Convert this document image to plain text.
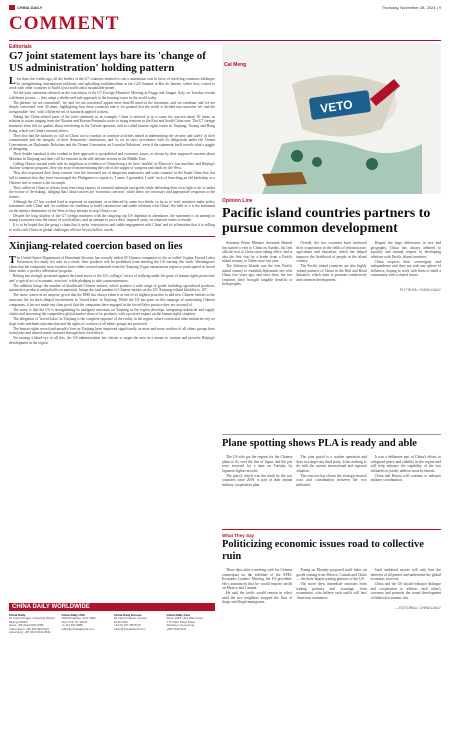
CHINA DAILY	Thursday, November 28, 2024 | 9
COMMENT
Editorials
G7 joint statement lays bare its 'change of US administration' holding pattern
L ess than five weeks ago, all the leaders of the G7 countries seemed to cast a unanimous vote in favor of resolving common challenges by strengthening international solidarity and upholding multilateralism at the G20 Summit in Rio de Janeiro, where they vowed to work with other countries to 'build a just world and a sustainable planet'.

Yet the joint statement released on the conclusion of the G7 Foreign Ministers' Meeting in Fiuggi and Anagni, Italy, on Tuesday reveals a different picture — they adopt a divide-and-rule approach to the burning issues in the world today.

The phrases 'we are committed', 'we' and 'we are concerned' appear more than 80 times in the document, and 'we condemn' and 'we are deeply concerned' over 30 times, highlighting how these countries take it for granted that the world is divided into innocent 'we' and the irresponsible 'rest', with a different set of standards applied to them.

Taking the China-related parts of the joint statement as an example, China is referred to as a cause for concern about 30 times, in relation to issues ranging from the Ukraine and Korean Peninsula crises to rising tensions in the East and South China seas. The G7 foreign ministers even felt no qualms about interfering in the Taiwan question, and so-called human rights issues in Xinjiang, Xizang and Hong Kong, which are China's internal affairs.

They also had the audacity to call on China 'not to conduct or condone activities aimed at undermining the security and safety' of their communities and the integrity of their 'democratic' institutions, and 'to act in strict accordance with its obligations under the Vienna Conventions on Diplomatic Relations and the Vienna Convention on Consular Relations', even if the statement itself reveals what a gaggle of designing.

Their double standard is also evident in their approach to geopolitical and economic issues, as shown by their supposed concerns about Muslims in Xinjiang and their call for restraint in the self-defense actions in the Middle East.

Calling China's normal trade with its neighbors as evidence of China being a de facto 'enabler' of Moscow's 'war machine' and Beijing's 'nuclear weapons program', they shy away from mentioning the role of the supply of weapons and funds by the West.

They also expressed their 'deep concern' over the increased use of dangerous maneuvers and water cannons' in the South China Sea, but fail to mention that they have encouraged the Philippines to repeat its 'I came, I grounded, I stole' trick of breaching an old battleship as a Chinese reef to ensure a fait accompli.

They called on China to refrain from restricting exports of essential materials and goods while defending their own right to do so under the excuse of 'de-risking', alleging that China's moves are 'economic coercion', while theirs are 'necessary and appropriate' responses to the former.

Although the G7 has worked hard to represent its statement, as evidenced by some two-thirds, so far as to 'west' ministers make policy statements with China' and 'we reaffirm our readiness to build constructive and stable relations with China', the bulk of it is the statement on the distinct dominance of the West as they attempt to stop China's rise.

Despite the long shadow of the G7 foreign ministers with the outgoing top US diplomat in attendance, the statement is an attempt to stamp a narrative onto the future of world affairs, and an attempt to prove their 'inspired' unity, on whatever terms it reveals.

It is to be hoped that the group's claim that it seeks 'constructive and stable engagement with China' and its affirmation that it is willing to work with China on global challenges will not be just hollow words.

Xinjiang-related coercion based on lies
T he United States Department of Homeland Security has recently added 29 Chinese companies to the so-called Uyghur Forced Labor Prevention Act entity list and, as a result, their products will be prohibited from entering the US starting this week. Washington's claim that the companies were found to have either sourced materials from the Xinjiang Uygur autonomous region or participated in forced labor under a 'poverty alleviation' program.

Beijing has strongly protested against the latest move of the US, calling it 'an act of bullying under the guise of human rights protection' and 'a typical act of economic coercion', while pledging to take countermeasures.

The addition brings the number of blacklisted Chinese entities, which produce a wide range of goods including agricultural products, automotive products and polysilicon materials, brings the total number of Chinese entities on the US' Xinjiang-related blacklist to 107.

The move comes as no surprise, given that the DHS has always taken it as one of its highest priorities to add new Chinese entities to the sanctions list for their alleged involvement in 'forced labor' in Xinjiang. While the US has gone on this rampage of sanctioning Chinese companies, it has not made any clear proof that the companies have engaged in the forced labor practice they are accused of.

The irony is that the US is strengthening its maligned sanctions on Xinjiang as the region develops, integrating industrial and supply chains and increasing the competitive global market share of its products, with a positive impact on the human rights situation.

The allegation of 'forced labor' in Xinjiang is the complete opposite of the reality in the region, where cotton and other industries rely on large-scale mechanical production and the rights of workers of all ethnic groups are protected.

The human rights record and people's lives in Xinjiang have improved significantly, as more and more workers of all ethnic groups have found jobs and earned steady incomes through their own efforts.

Yet turning a blind eye to all this, the US administration has chosen to target the area as a means to contain and provoke Beijing's development in the region.

CHINA DAILY WORLDWIDE
China Daily
15 Huixin Dongjie, Chaoyang District,
Beijing 100029
News: +86 (0)10 6491-8366
Subscription: +86 400-699-0203
Advertising: +86 (0)10 6491-8631
China Daily USA
1500 Broadway, Suite 2800,
New York, NY 10036
+1 212 537 8888
editor@chinadailyusa.com
China Daily Europe
90 Cannon Street, London
EC4N 6HA
+44 (0) 207 398 8270
editor@chinadailyuk.com
China Daily Asia
Room 1818, Hing Wai Centre,
7 Tin Wan Praya Road,
Aberdeen, Hong Kong
+852 2518 5111
Cai Meng
VETO
Opinion Line
Pacific island countries partners to pursue common development

Solomon Prime Minister Jeremiah Manele has started a visit to China on Sunday, his first official visit to China since taking office, and is also the first visit by a leader from a Pacific island country to China since last year.

The Solomon Islands was the first Pacific island country to establish diplomatic ties with China five years ago, and since then, the two countries have brought tangible benefits to both peoples.

Overall, the two countries have furthered their cooperation in the fields of infrastructure, agriculture and education, which has helped improve the livelihood of people in the island country.

The Pacific island countries are also highly valued partners of China in the Belt and Road Initiative, which aims to promote connectivity and common development.

Despite the huge differences in size and geography, China has always adhered to equality and mutual respect in developing relations with Pacific island countries.

China respects their sovereignty and independence and does not seek any sphere of influence, hoping to work with them to build a community with a shared future.

PU TIEXIA / CHINA DAILY
Plane spotting shows PLA is ready and able

The US side got the request for the Chinese plane to fly over the Sea of Japan, and the jets were escorted for a time on Tuesday by Japanese fighter aircraft.

The patrol, which was the ninth by the two countries since 2019, is part of their annual military cooperation plan.

The joint patrol is a routine operation and does not target any third party. It has nothing to do with the current international and regional situation.

The exercise has shown the strategic mutual trust and coordination between the two militaries.

It was a deliberate part of China's efforts to safeguard peace and stability in the region and will help enhance the capability of the two militaries to jointly address security threats.

China and Russia will continue to enhance military coordination.

What They Say
Politicizing economic issues road to collective ruin

Three days after a meeting with his Chinese counterpart on the sidelines of the APEC Economic Leaders' Meeting, the US president-elect announced that he would impose tariffs on Mexico and Canada.

He said the tariffs would remain in effect until the two neighbors stopped the flow of drugs and illegal immigrants.

Trump on Monday proposed tariff hikes on goods coming from Mexico, Canada and China — the three largest trading partners of the US.

The move drew immediate reactions from trading partners and warnings from economists, who believe such tariffs will hurt American consumers.

Such unilateral moves will only hurt the interests of all parties and undermine the global economic recovery.

China and the US should enhance dialogue and cooperation to address each other's concerns and promote the sound development of bilateral economic ties.

— EDITORIAL: CHINA DAILY
